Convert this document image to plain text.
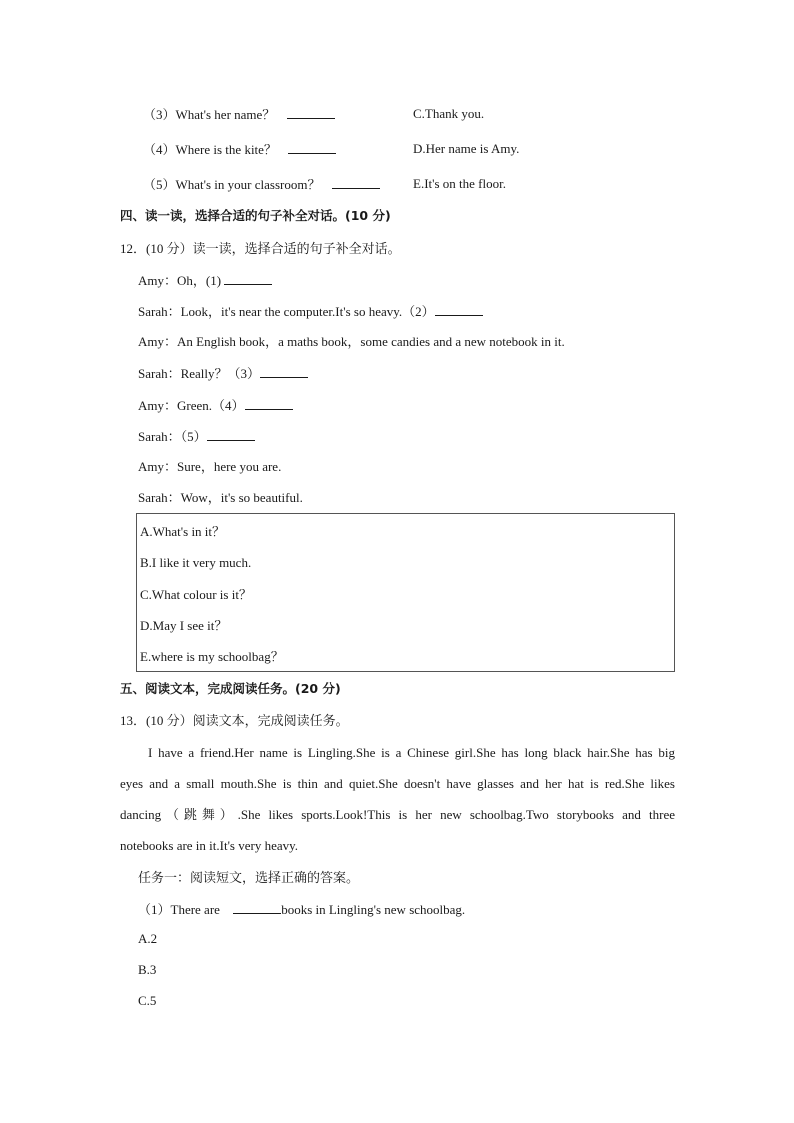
（3）What's her name？	C.Thank you.
（4）Where is the kite？	D.Her name is Amy.
（5）What's in your classroom？	E.It's on the floor.
四、读一读，选择合适的句子补全对话。(10 分)
12．(10 分）读一读，选择合适的句子补全对话。
Amy：Oh，(1)
Sarah：Look，it's near the computer.It's so heavy.（2）
Amy：An English book，a maths book，some candies and a new notebook in it.
Sarah：Really？（3）
Amy：Green.（4）
Sarah：（5）
Amy：Sure，here you are.
Sarah：Wow，it's so beautiful.
A.What's in it？
B.I like it very much.
C.What colour is it？
D.May I see it？
E.where is my schoolbag？
五、阅读文本，完成阅读任务。(20 分)
13．(10 分）阅读文本，完成阅读任务。
I have a friend.Her name is Lingling.She is a Chinese girl.She has long black hair.She has big
eyes and a small mouth.She is thin and quiet.She doesn't have glasses and her hat is red.She likes
dancing（跳舞）.She likes sports.Look!This is her new schoolbag.Two storybooks and three
notebooks are in it.It's very heavy.
任务一：阅读短文，选择正确的答案。
（1）There are	books in Lingling's new schoolbag.
A.2
B.3
C.5
